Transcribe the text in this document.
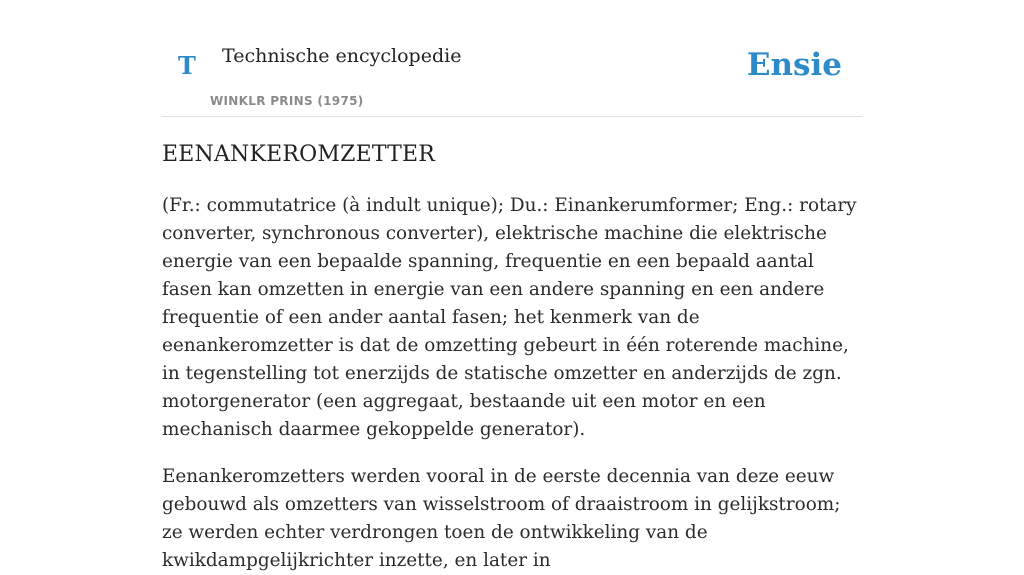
T Technische encyclopedie
WINKLR PRINS (1975)
Ensie
EENANKEROMZETTER

(Fr.: commutatrice (à indult unique); Du.: Einankerumformer; Eng.: rotary converter, synchronous converter), elektrische machine die elektrische energie van een bepaalde spanning, frequentie en een bepaald aantal fasen kan omzetten in energie van een andere spanning en een andere frequentie of een ander aantal fasen; het kenmerk van de eenankeromzetter is dat de omzetting gebeurt in één roterende machine, in tegenstelling tot enerzijds de statische omzetter en anderzijds de zgn. motorgenerator (een aggregaat, bestaande uit een motor en een mechanisch daarmee gekoppelde generator).

Eenankeromzetters werden vooral in de eerste decennia van deze eeuw gebouwd als omzetters van wisselstroom of draaistroom in gelijkstroom; ze werden echter verdrongen toen de ontwikkeling van de kwikdampgelijkrichter inzette, en later in
